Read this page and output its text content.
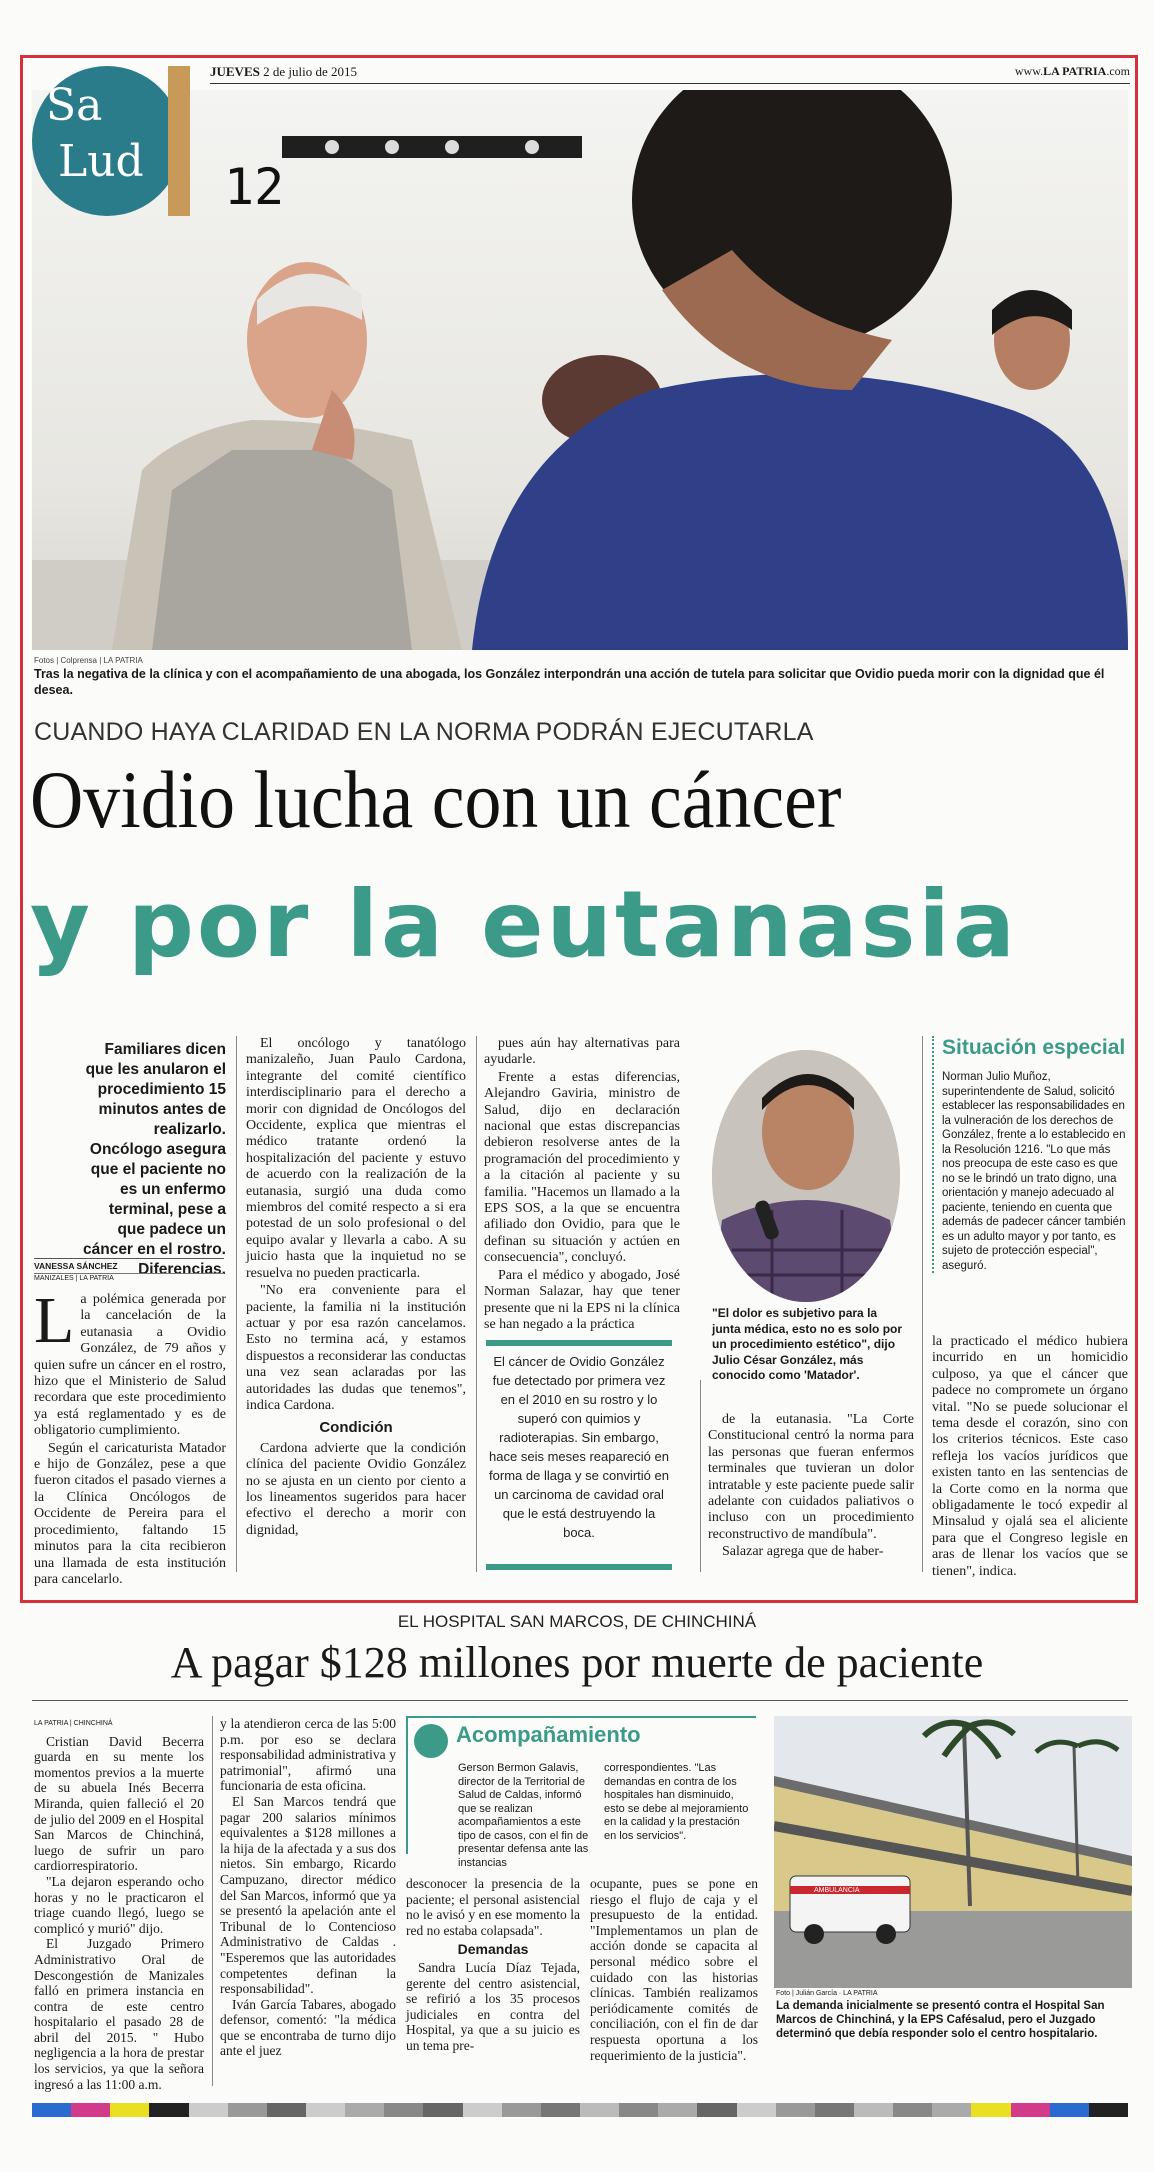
JUEVES 2 de julio de 2015	www.LA PATRIA.com
Sa
Lud 12
Fotos | Colprensa | LA PATRIA
Tras la negativa de la clínica y con el acompañamiento de una abogada, los González interpondrán una acción de tutela para solicitar que Ovidio pueda morir con la dignidad que él desea.
CUANDO HAYA CLARIDAD EN LA NORMA PODRÁN EJECUTARLA
Ovidio lucha con un cáncer
y por la eutanasia
Familiares dicen que les anularon el procedimiento 15 minutos antes de realizarlo. Oncólogo asegura que el paciente no es un enfermo terminal, pese a que padece un cáncer en el rostro. Diferencias.
VANESSA SÁNCHEZ
MANIZALES | LA PATRIA

La polémica generada por la cancelación de la eutanasia a Ovidio González, de 79 años y quien sufre un cáncer en el rostro, hizo que el Ministerio de Salud recordara que este procedimiento ya está reglamentado y es de obligatorio cumplimiento.

Según el caricaturista Matador e hijo de González, pese a que fueron citados el pasado viernes a la Clínica Oncólogos de Occidente de Pereira para el procedimiento, faltando 15 minutos para la cita recibieron una llamada de esta institución para cancelarlo.

El oncólogo y tanatólogo manizaleño, Juan Paulo Cardona, integrante del comité científico interdisciplinario para el derecho a morir con dignidad de Oncólogos del Occidente, explica que mientras el médico tratante ordenó la hospitalización del paciente y estuvo de acuerdo con la realización de la eutanasia, surgió una duda como miembros del comité respecto a si era potestad de un solo profesional o del equipo avalar y llevarla a cabo. A su juicio hasta que la inquietud no se resuelva no pueden practicarla.

"No era conveniente para el paciente, la familia ni la institución actuar y por esa razón cancelamos. Esto no termina acá, y estamos dispuestos a reconsiderar las conductas una vez sean aclaradas por las autoridades las dudas que tenemos", indica Cardona.

Condición

Cardona advierte que la condición clínica del paciente Ovidio González no se ajusta en un ciento por ciento a los lineamentos sugeridos para hacer efectivo el derecho a morir con dignidad,

pues aún hay alternativas para ayudarle.

Frente a estas diferencias, Alejandro Gaviria, ministro de Salud, dijo en declaración nacional que estas discrepancias debieron resolverse antes de la programación del procedimiento y a la citación al paciente y su familia. "Hacemos un llamado a la EPS SOS, a la que se encuentra afiliado don Ovidio, para que le definan su situación y actúen en consecuencia", concluyó.

Para el médico y abogado, José Norman Salazar, hay que tener presente que ni la EPS ni la clínica se han negado a la práctica

El cáncer de Ovidio González fue detectado por primera vez en el 2010 en su rostro y lo superó con quimios y radioterapias. Sin embargo, hace seis meses reapareció en forma de llaga y se convirtió en un carcinoma de cavidad oral que le está destruyendo la boca.
"El dolor es subjetivo para la junta médica, esto no es solo por un procedimiento estético", dijo Julio César González, más conocido como 'Matador'.

de la eutanasia. "La Corte Constitucional centró la norma para las personas que fueran enfermos terminales que tuvieran un dolor intratable y este paciente puede salir adelante con cuidados paliativos o incluso con un procedimiento reconstructivo de mandíbula".

Salazar agrega que de haber-

Situación especial
Norman Julio Muñoz, superintendente de Salud, solicitó establecer las responsabilidades en la vulneración de los derechos de González, frente a lo establecido en la Resolución 1216. "Lo que más nos preocupa de este caso es que no se le brindó un trato digno, una orientación y manejo adecuado al paciente, teniendo en cuenta que además de padecer cáncer también es un adulto mayor y por tanto, es sujeto de protección especial", aseguró.

la practicado el médico hubiera incurrido en un homicidio culposo, ya que el cáncer que padece no compromete un órgano vital. "No se puede solucionar el tema desde el corazón, sino con los criterios técnicos. Este caso refleja los vacíos jurídicos que existen tanto en las sentencias de la Corte como en la norma que obligadamente le tocó expedir al Minsalud y ojalá sea el aliciente para que el Congreso legisle en aras de llenar los vacíos que se tienen", indica.

EL HOSPITAL SAN MARCOS, DE CHINCHINÁ
A pagar $128 millones por muerte de paciente
LA PATRIA | CHINCHINÁ

Cristian David Becerra guarda en su mente los momentos previos a la muerte de su abuela Inés Becerra Miranda, quien falleció el 20 de julio del 2009 en el Hospital San Marcos de Chinchiná, luego de sufrir un paro cardiorrespiratorio.

"La dejaron esperando ocho horas y no le practicaron el triage cuando llegó, luego se complicó y murió" dijo.

El Juzgado Primero Administrativo Oral de Descongestión de Manizales falló en primera instancia en contra de este centro hospitalario el pasado 28 de abril del 2015. " Hubo negligencia a la hora de prestar los servicios, ya que la señora ingresó a las 11:00 a.m.

y la atendieron cerca de las 5:00 p.m. por eso se declara responsabilidad administrativa y patrimonial", afirmó una funcionaria de esta oficina.

El San Marcos tendrá que pagar 200 salarios mínimos equivalentes a $128 millones a la hija de la afectada y a sus dos nietos. Sin embargo, Ricardo Campuzano, director médico del San Marcos, informó que ya se presentó la apelación ante el Tribunal de lo Contencioso Administrativo de Caldas . "Esperemos que las autoridades competentes definan la responsabilidad".

Iván García Tabares, abogado defensor, comentó: "la médica que se encontraba de turno dijo ante el juez

Acompañamiento
Gerson Bermon Galavis, director de la Territorial de Salud de Caldas, informó que se realizan acompañamientos a este tipo de casos, con el fin de presentar defensa ante las instancias
correspondientes. "Las demandas en contra de los hospitales han disminuido, esto se debe al mejoramiento en la calidad y la prestación en los servicios".

desconocer la presencia de la paciente; el personal asistencial no le avisó y en ese momento la red no estaba colapsada".

Demandas

Sandra Lucía Díaz Tejada, gerente del centro asistencial, se refirió a los 35 procesos judiciales en contra del Hospital, ya que a su juicio es un tema pre-

ocupante, pues se pone en riesgo el flujo de caja y el presupuesto de la entidad. "Implementamos un plan de acción donde se capacita al personal médico sobre el cuidado con las historias clínicas. También realizamos periódicamente comités de conciliación, con el fin de dar respuesta oportuna a los requerimiento de la justicia".

AMBULANCIA
Foto | Julián García · LA PATRIA
La demanda inicialmente se presentó contra el Hospital San Marcos de Chinchiná, y la EPS Cafésalud, pero el Juzgado determinó que debía responder solo el centro hospitalario.
